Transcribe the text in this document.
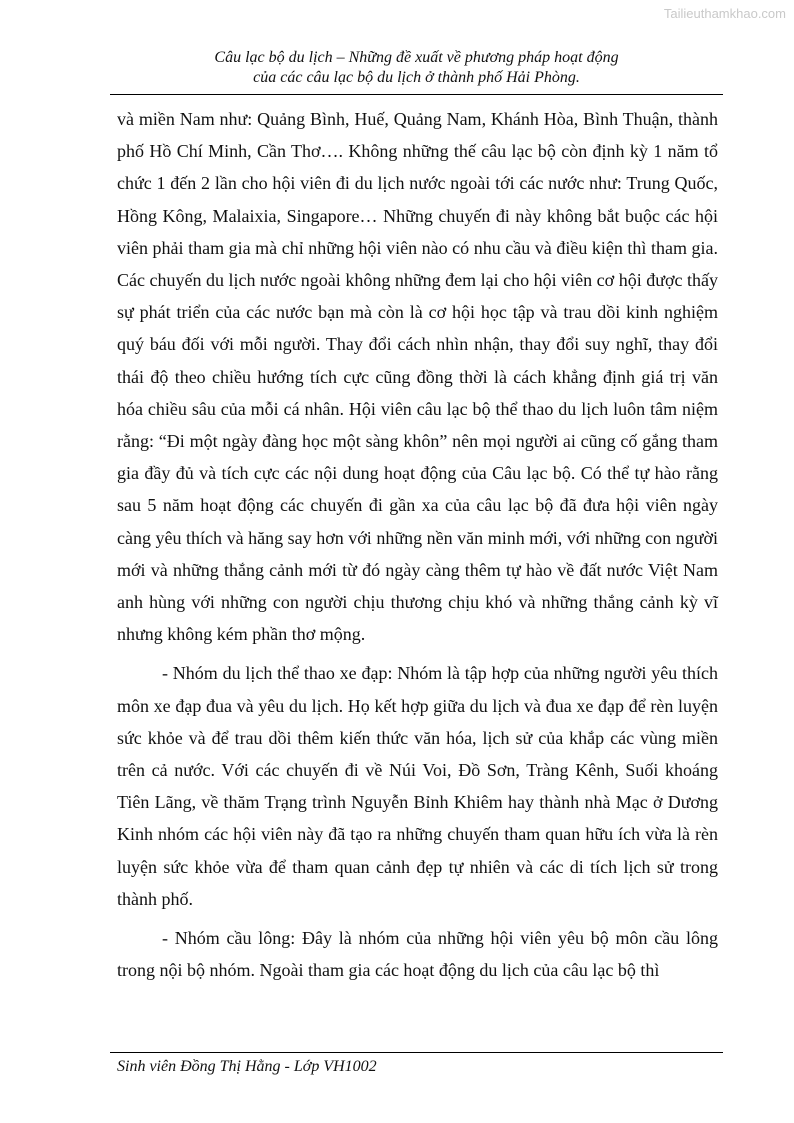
Tailieuthamkhao.com
Câu lạc bộ du lịch – Những đề xuất về phương pháp hoạt động
của các câu lạc bộ du lịch ở thành phố Hải Phòng.

và miền Nam như: Quảng Bình, Huế, Quảng Nam, Khánh Hòa, Bình Thuận, thành phố Hồ Chí Minh, Cần Thơ…. Không những thế câu lạc bộ còn định kỳ 1 năm tổ chức 1 đến 2 lần cho hội viên đi du lịch nước ngoài tới các nước như: Trung Quốc, Hồng Kông, Malaixia, Singapore… Những chuyến đi này không bắt buộc các hội viên phải tham gia mà chỉ những hội viên nào có nhu cầu và điều kiện thì tham gia. Các chuyến du lịch nước ngoài không những đem lại cho hội viên cơ hội được thấy sự phát triển của các nước bạn mà còn là cơ hội học tập và trau dồi kinh nghiệm quý báu đối với mỗi người. Thay đổi cách nhìn nhận, thay đổi suy nghĩ, thay đổi thái độ theo chiều hướng tích cực cũng đồng thời là cách khẳng định giá trị văn hóa chiều sâu của mỗi cá nhân. Hội viên câu lạc bộ thể thao du lịch luôn tâm niệm rằng: “Đi một ngày đàng học một sàng khôn” nên mọi người ai cũng cố gắng tham gia đầy đủ và tích cực các nội dung hoạt động của Câu lạc bộ. Có thể tự hào rằng sau 5 năm hoạt động các chuyến đi gần xa của câu lạc bộ đã đưa hội viên ngày càng yêu thích và hăng say hơn với những nền văn minh mới, với những con người mới và những thắng cảnh mới từ đó ngày càng thêm tự hào về đất nước Việt Nam anh hùng với những con người chịu thương chịu khó và những thắng cảnh kỳ vĩ nhưng không kém phần thơ mộng.

- Nhóm du lịch thể thao xe đạp: Nhóm là tập hợp của những người yêu thích môn xe đạp đua và yêu du lịch. Họ kết hợp giữa du lịch và đua xe đạp để rèn luyện sức khỏe và để trau dồi thêm kiến thức văn hóa, lịch sử của khắp các vùng miền trên cả nước. Với các chuyến đi về Núi Voi, Đồ Sơn, Tràng Kênh, Suối khoáng Tiên Lãng, về thăm Trạng trình Nguyễn Bỉnh Khiêm hay thành nhà Mạc ở Dương Kinh nhóm các hội viên này đã tạo ra những chuyến tham quan hữu ích vừa là rèn luyện sức khỏe vừa để tham quan cảnh đẹp tự nhiên và các di tích lịch sử trong thành phố.

- Nhóm cầu lông: Đây là nhóm của những hội viên yêu bộ môn cầu lông trong nội bộ nhóm. Ngoài tham gia các hoạt động du lịch của câu lạc bộ thì

Sinh viên Đồng Thị Hằng - Lớp VH1002
